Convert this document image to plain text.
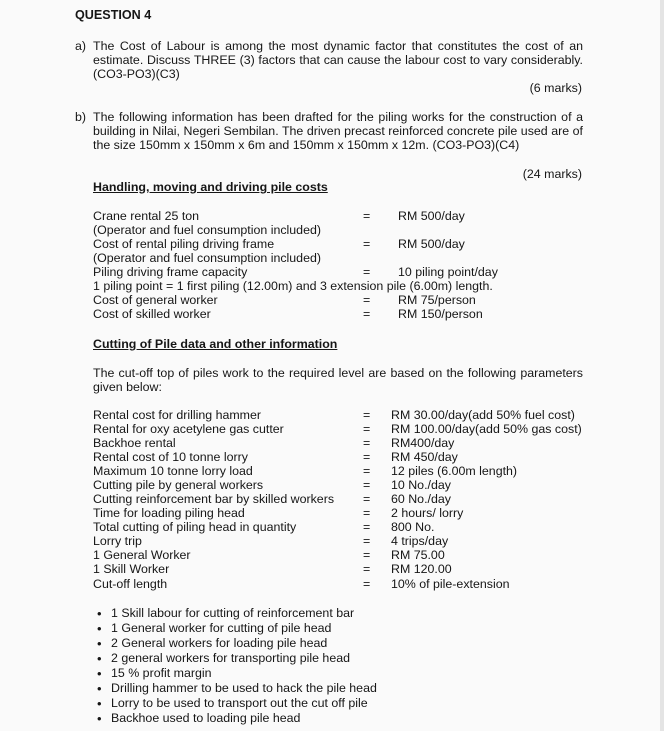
QUESTION 4
a) The Cost of Labour is among the most dynamic factor that constitutes the cost of an estimate. Discuss THREE (3) factors that can cause the labour cost to vary considerably. (CO3-PO3)(C3)
(6 marks)
b) The following information has been drafted for the piling works for the construction of a building in Nilai, Negeri Sembilan. The driven precast reinforced concrete pile used are of the size 150mm x 150mm x 6m and 150mm x 150mm x 12m. (CO3-PO3)(C4)
(24 marks)
Handling, moving and driving pile costs
Crane rental 25 ton	= RM 500/day
(Operator and fuel consumption included)
Cost of rental piling driving frame	= RM 500/day
(Operator and fuel consumption included)
Piling driving frame capacity	= 10 piling point/day
1 piling point = 1 first piling (12.00m) and 3 extension pile (6.00m) length.
Cost of general worker	= RM 75/person
Cost of skilled worker	= RM 150/person
Cutting of Pile data and other information
The cut-off top of piles work to the required level are based on the following parameters given below:
Rental cost for drilling hammer	= RM 30.00/day(add 50% fuel cost)
Rental for oxy acetylene gas cutter	= RM 100.00/day(add 50% gas cost)
Backhoe rental	= RM400/day
Rental cost of 10 tonne lorry	= RM 450/day
Maximum 10 tonne lorry load	= 12 piles (6.00m length)
Cutting pile by general workers	= 10 No./day
Cutting reinforcement bar by skilled workers = 60 No./day
Time for loading piling head	= 2 hours/ lorry
Total cutting of piling head in quantity	= 800 No.
Lorry trip	= 4 trips/day
1 General Worker	= RM 75.00
1 Skill Worker	= RM 120.00
Cut-off length	= 10% of pile-extension
• 1 Skill labour for cutting of reinforcement bar
• 1 General worker for cutting of pile head
• 2 General workers for loading pile head
• 2 general workers for transporting pile head
• 15 % profit margin
• Drilling hammer to be used to hack the pile head
• Lorry to be used to transport out the cut off pile
• Backhoe used to loading pile head
